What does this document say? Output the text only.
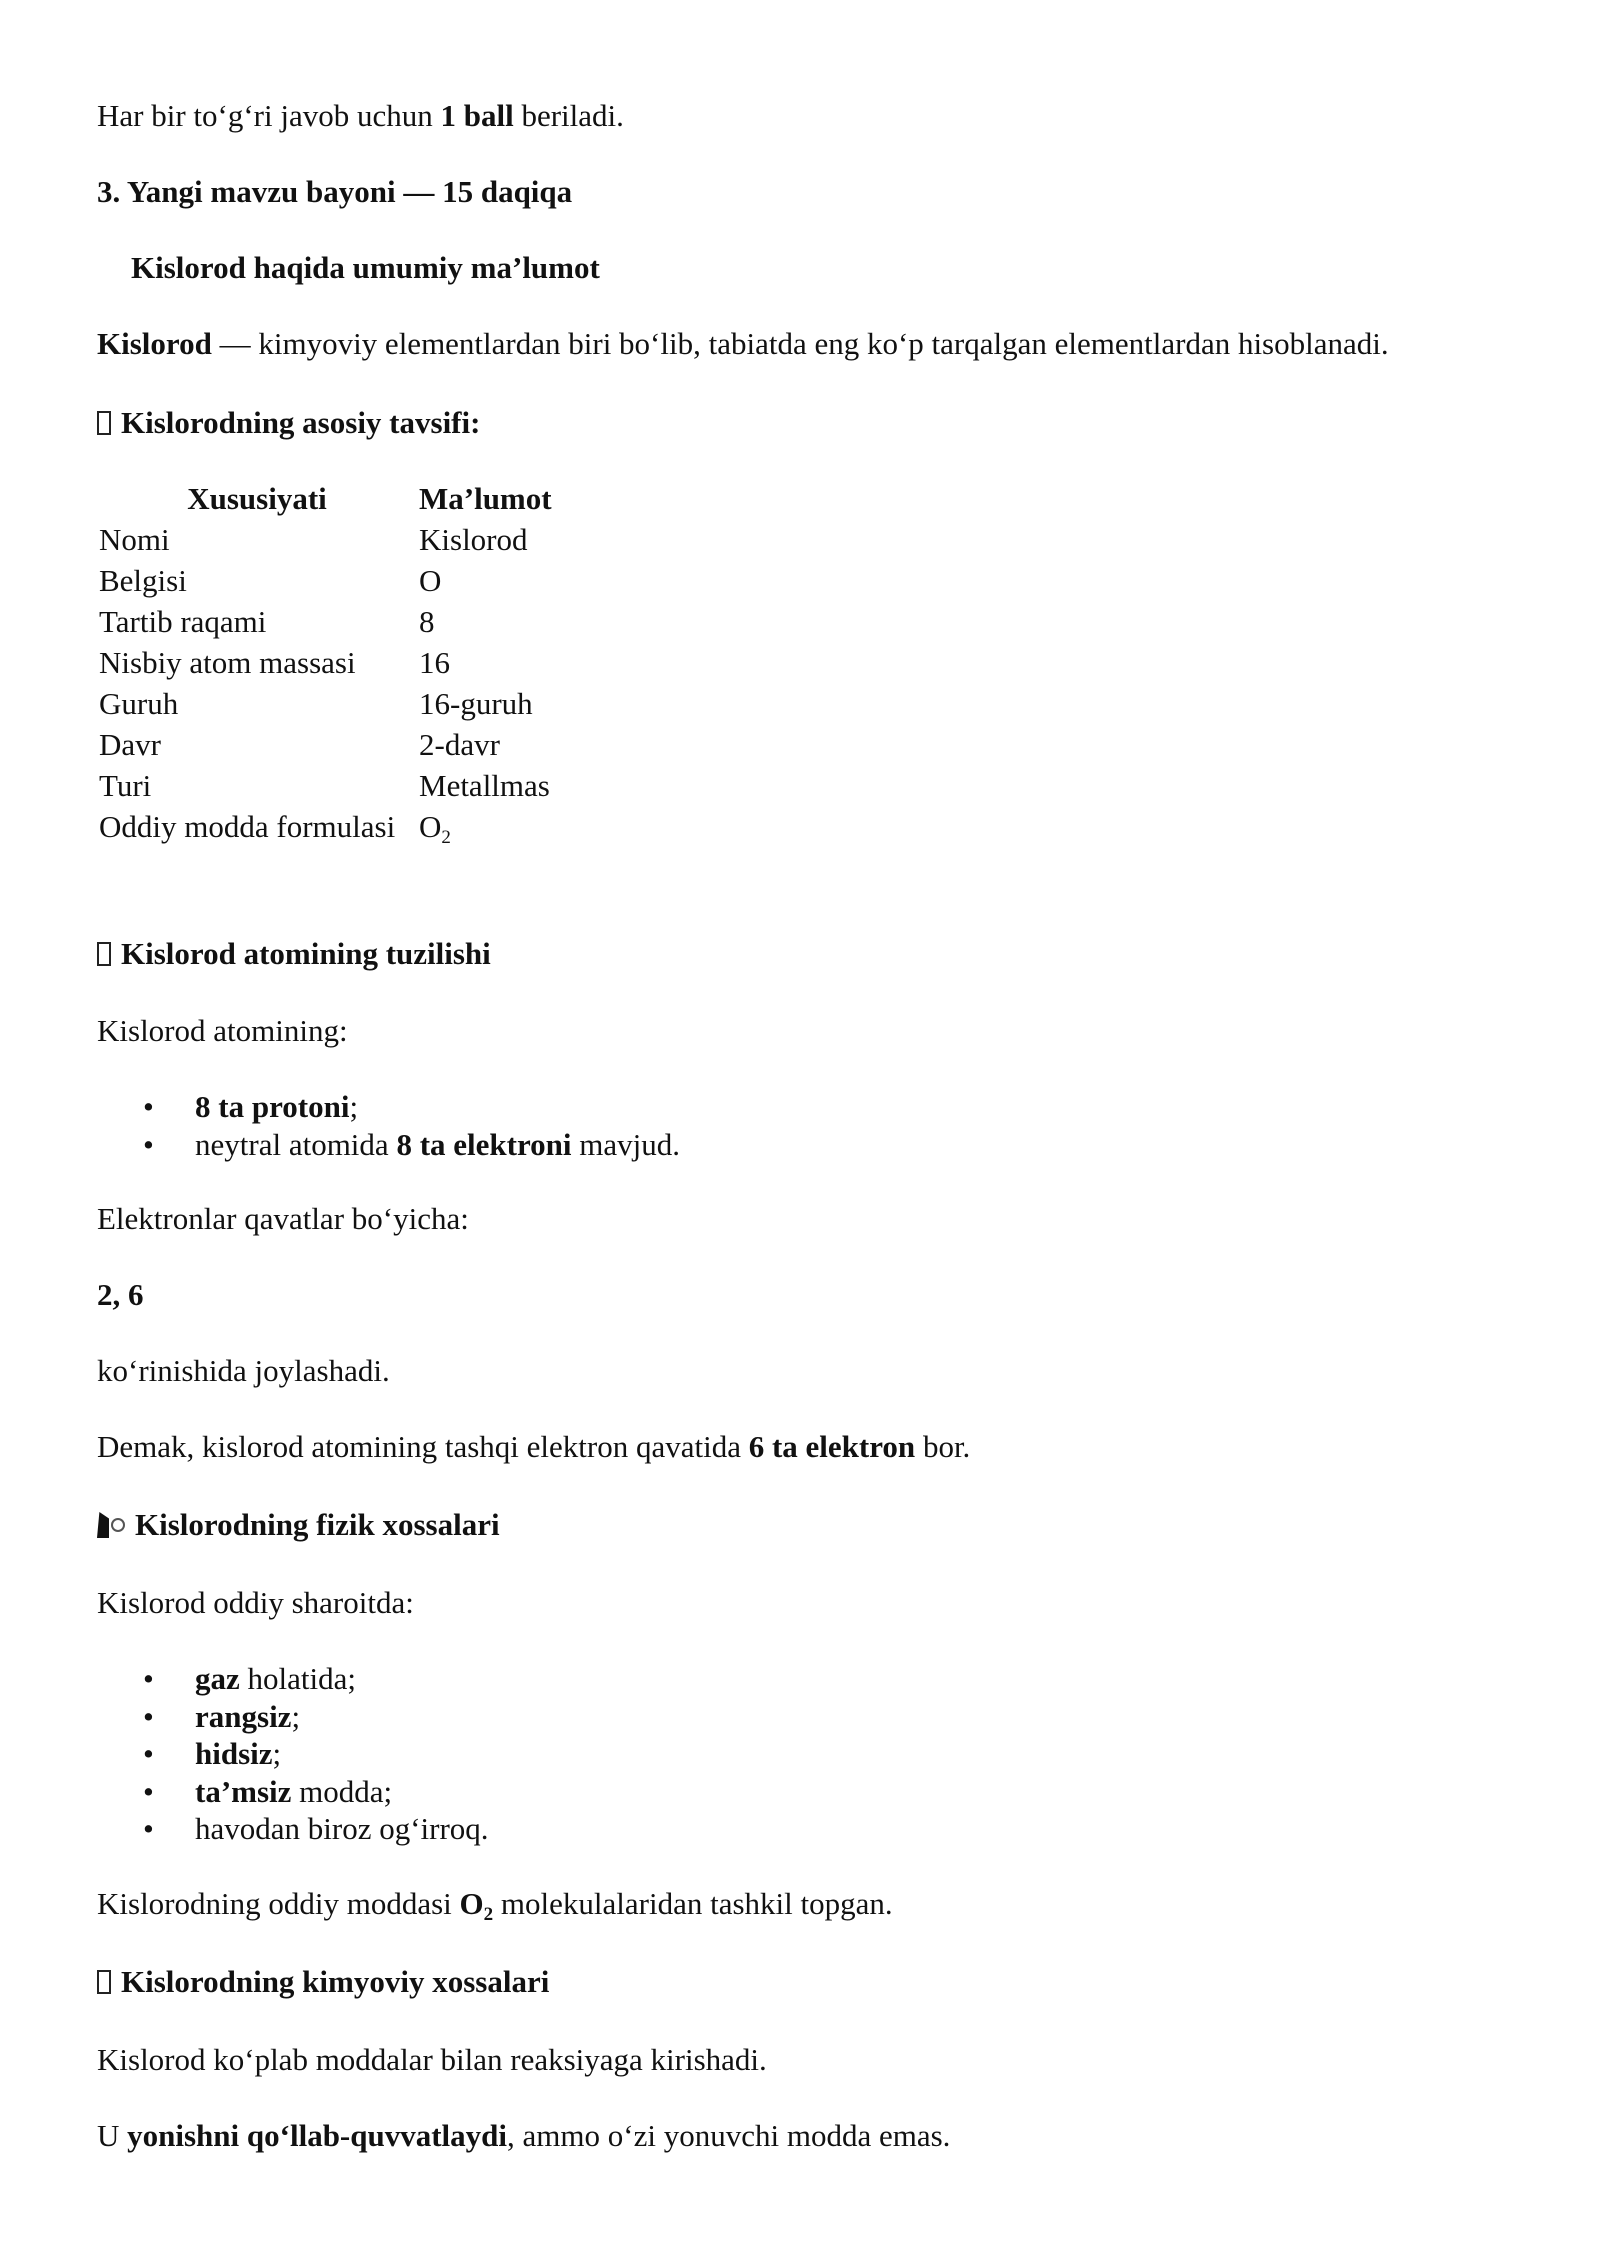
Har bir to‘g‘ri javob uchun 1 ball beriladi.
3. Yangi mavzu bayoni — 15 daqiqa
Kislorod haqida umumiy ma’lumot
Kislorod — kimyoviy elementlardan biri bo‘lib, tabiatda eng ko‘p tarqalgan elementlardan hisoblanadi.
Kislorodning asosiy tavsifi:
Xususiyati	Ma’lumot
Nomi	Kislorod
Belgisi	O
Tartib raqami	8
Nisbiy atom massasi	16
Guruh	16-guruh
Davr	2-davr
Turi	Metallmas
Oddiy modda formulasi	$O_2$
Kislorod atomining tuzilishi
Kislorod atomining:
• 8 ta protoni;
• neytral atomida 8 ta elektroni mavjud.
Elektronlar qavatlar bo‘yicha:
2, 6
ko‘rinishida joylashadi.
Demak, kislorod atomining tashqi elektron qavatida 6 ta elektron bor.
Kislorodning fizik xossalari
Kislorod oddiy sharoitda:
• gaz holatida;
• rangsiz;
• hidsiz;
• ta’msiz modda;
• havodan biroz og‘irroq.
Kislorodning oddiy moddasi $O_2$ molekulalaridan tashkil topgan.
Kislorodning kimyoviy xossalari
Kislorod ko‘plab moddalar bilan reaksiyaga kirishadi.
U yonishni qo‘llab-quvvatlaydi, ammo o‘zi yonuvchi modda emas.
